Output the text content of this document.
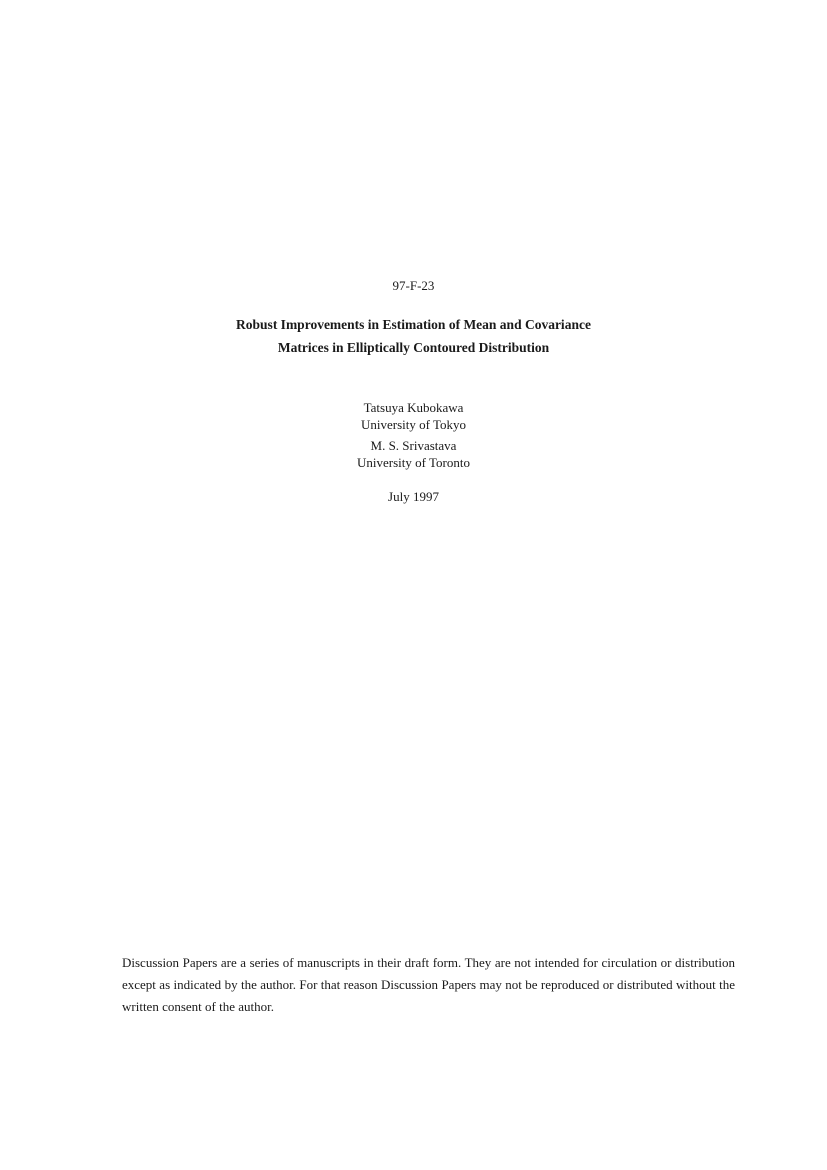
97-F-23
Robust Improvements in Estimation of Mean and Covariance
Matrices in Elliptically Contoured Distribution
Tatsuya Kubokawa
University of Tokyo
M. S. Srivastava
University of Toronto
July 1997
Discussion Papers are a series of manuscripts in their draft form. They are not intended for circulation or distribution except as indicated by the author. For that reason Discussion Papers may not be reproduced or distributed without the written consent of the author.
